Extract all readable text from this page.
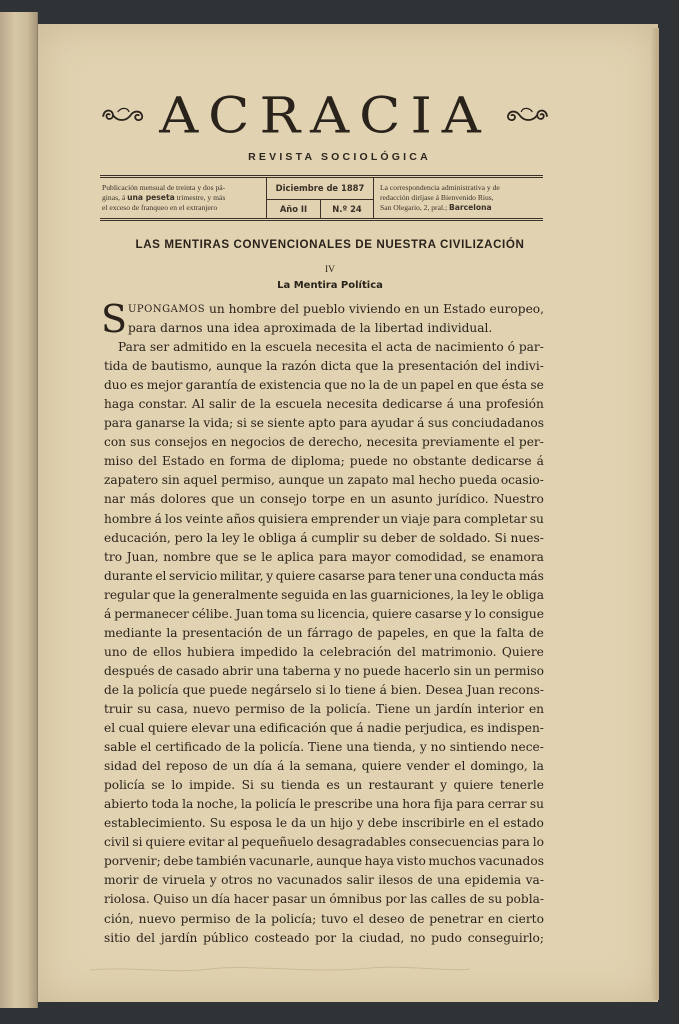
ACRACIA
REVISTA SOCIOLÓGICA
Publicación mensual de treinta y dos pá-
ginas, á una peseta trimestre, y más
el exceso de franqueo en el extranjero
Diciembre de 1887
Año II	N.º 24
La correspondencia administrativa y de
redacción diríjase á Bienvenido Rius,
San Olegario, 2, pral.; Barcelona
LAS MENTIRAS CONVENCIONALES DE NUESTRA CIVILIZACIÓN
IV
La Mentira Política
S UPONGAMOS un hombre del pueblo viviendo en un Estado europeo,
para darnos una idea aproximada de la libertad individual.
Para ser admitido en la escuela necesita el acta de nacimiento ó par-
tida de bautismo, aunque la razón dicta que la presentación del indivi-
duo es mejor garantía de existencia que no la de un papel en que ésta se
haga constar. Al salir de la escuela necesita dedicarse á una profesión
para ganarse la vida; si se siente apto para ayudar á sus conciudadanos
con sus consejos en negocios de derecho, necesita previamente el per-
miso del Estado en forma de diploma; puede no obstante dedicarse á
zapatero sin aquel permiso, aunque un zapato mal hecho pueda ocasio-
nar más dolores que un consejo torpe en un asunto jurídico. Nuestro
hombre á los veinte años quisiera emprender un viaje para completar su
educación, pero la ley le obliga á cumplir su deber de soldado. Si nues-
tro Juan, nombre que se le aplica para mayor comodidad, se enamora
durante el servicio militar, y quiere casarse para tener una conducta más
regular que la generalmente seguida en las guarniciones, la ley le obliga
á permanecer célibe. Juan toma su licencia, quiere casarse y lo consigue
mediante la presentación de un fárrago de papeles, en que la falta de
uno de ellos hubiera impedido la celebración del matrimonio. Quiere
después de casado abrir una taberna y no puede hacerlo sin un permiso
de la policía que puede negárselo si lo tiene á bien. Desea Juan recons-
truir su casa, nuevo permiso de la policía. Tiene un jardín interior en
el cual quiere elevar una edificación que á nadie perjudica, es indispen-
sable el certificado de la policía. Tiene una tienda, y no sintiendo nece-
sidad del reposo de un día á la semana, quiere vender el domingo, la
policía se lo impide. Si su tienda es un restaurant y quiere tenerle
abierto toda la noche, la policía le prescribe una hora fija para cerrar su
establecimiento. Su esposa le da un hijo y debe inscribirle en el estado
civil si quiere evitar al pequeñuelo desagradables consecuencias para lo
porvenir; debe también vacunarle, aunque haya visto muchos vacunados
morir de viruela y otros no vacunados salir ilesos de una epidemia va-
riolosa. Quiso un día hacer pasar un ómnibus por las calles de su pobla-
ción, nuevo permiso de la policía; tuvo el deseo de penetrar en cierto
sitio del jardín público costeado por la ciudad, no pudo conseguirlo;
